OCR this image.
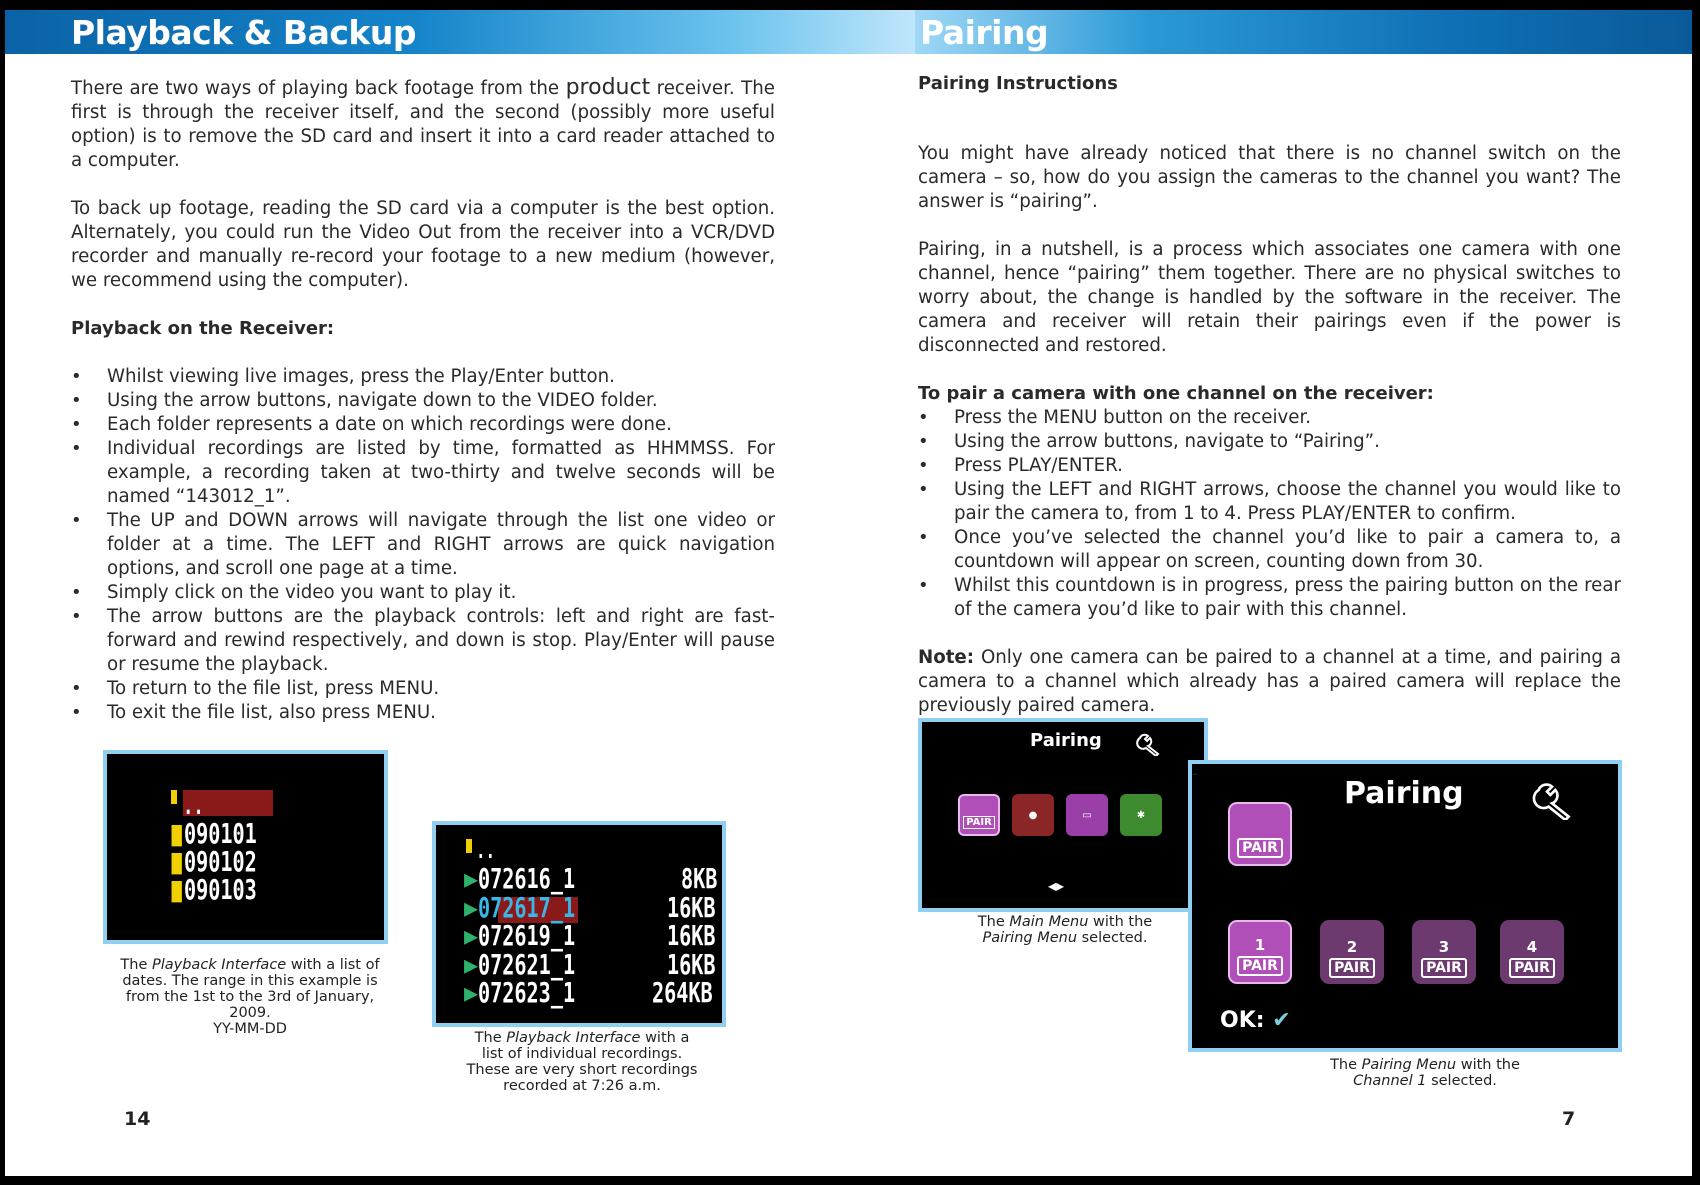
Playback & Backup

There are two ways of playing back footage from the product receiver. The first is through the receiver itself, and the second (possibly more useful option) is to remove the SD card and insert it into a card reader attached to a computer.

To back up footage, reading the SD card via a computer is the best option. Alternately, you could run the Video Out from the receiver into a VCR/DVD recorder and manually re-record your footage to a new medium (however, we recommend using the computer).

Playback on the Receiver:

• Whilst viewing live images, press the Play/Enter button.
• Using the arrow buttons, navigate down to the VIDEO folder.
• Each folder represents a date on which recordings were done.
• Individual recordings are listed by time, formatted as HHMMSS. For example, a recording taken at two-thirty and twelve seconds will be named “143012_1”.
• The UP and DOWN arrows will navigate through the list one video or folder at a time. The LEFT and RIGHT arrows are quick navigation options, and scroll one page at a time.
• Simply click on the video you want to play it.
• The arrow buttons are the playback controls: left and right are fast-forward and rewind respectively, and down is stop. Play/Enter will pause or resume the playback.
• To return to the file list, press MENU.
• To exit the file list, also press MENU.
..
▮090101
▮090102
▮090103
The Playback Interface with a list of dates. The range in this example is from the 1st to the 3rd of January, 2009.
YY-MM-DD
..
▸072616_1	8KB
▸072617_1	16KB
▸072619_1	16KB
▸072621_1	16KB
▸072623_1	264KB
The Playback Interface with a list of individual recordings. These are very short recordings recorded at 7:26 a.m.
14
Pairing

Pairing Instructions

You might have already noticed that there is no channel switch on the camera – so, how do you assign the cameras to the channel you want? The answer is “pairing”.

Pairing, in a nutshell, is a process which associates one camera with one channel, hence “pairing” them together. There are no physical switches to worry about, the change is handled by the software in the receiver. The camera and receiver will retain their pairings even if the power is disconnected and restored.

To pair a camera with one channel on the receiver:

• Press the MENU button on the receiver.
• Using the arrow buttons, navigate to “Pairing”.
• Press PLAY/ENTER.
• Using the LEFT and RIGHT arrows, choose the channel you would like to pair the camera to, from 1 to 4. Press PLAY/ENTER to confirm.
• Once you’ve selected the channel you’d like to pair a camera to, a countdown will appear on screen, counting down from 30.
• Whilst this countdown is in progress, press the pairing button on the rear of the camera you’d like to pair with this channel.

Note: Only one camera can be paired to a channel at a time, and pairing a camera to a channel which already has a paired camera will replace the previously paired camera.

Pairing
PAIR
●	▭	✱
◂▸
The Main Menu with the Pairing Menu selected.
-
Pairing
PAIR
1
PAIR
2
PAIR
3
PAIR
4
PAIR
OK: ✔
The Pairing Menu with the Channel 1 selected.
7
